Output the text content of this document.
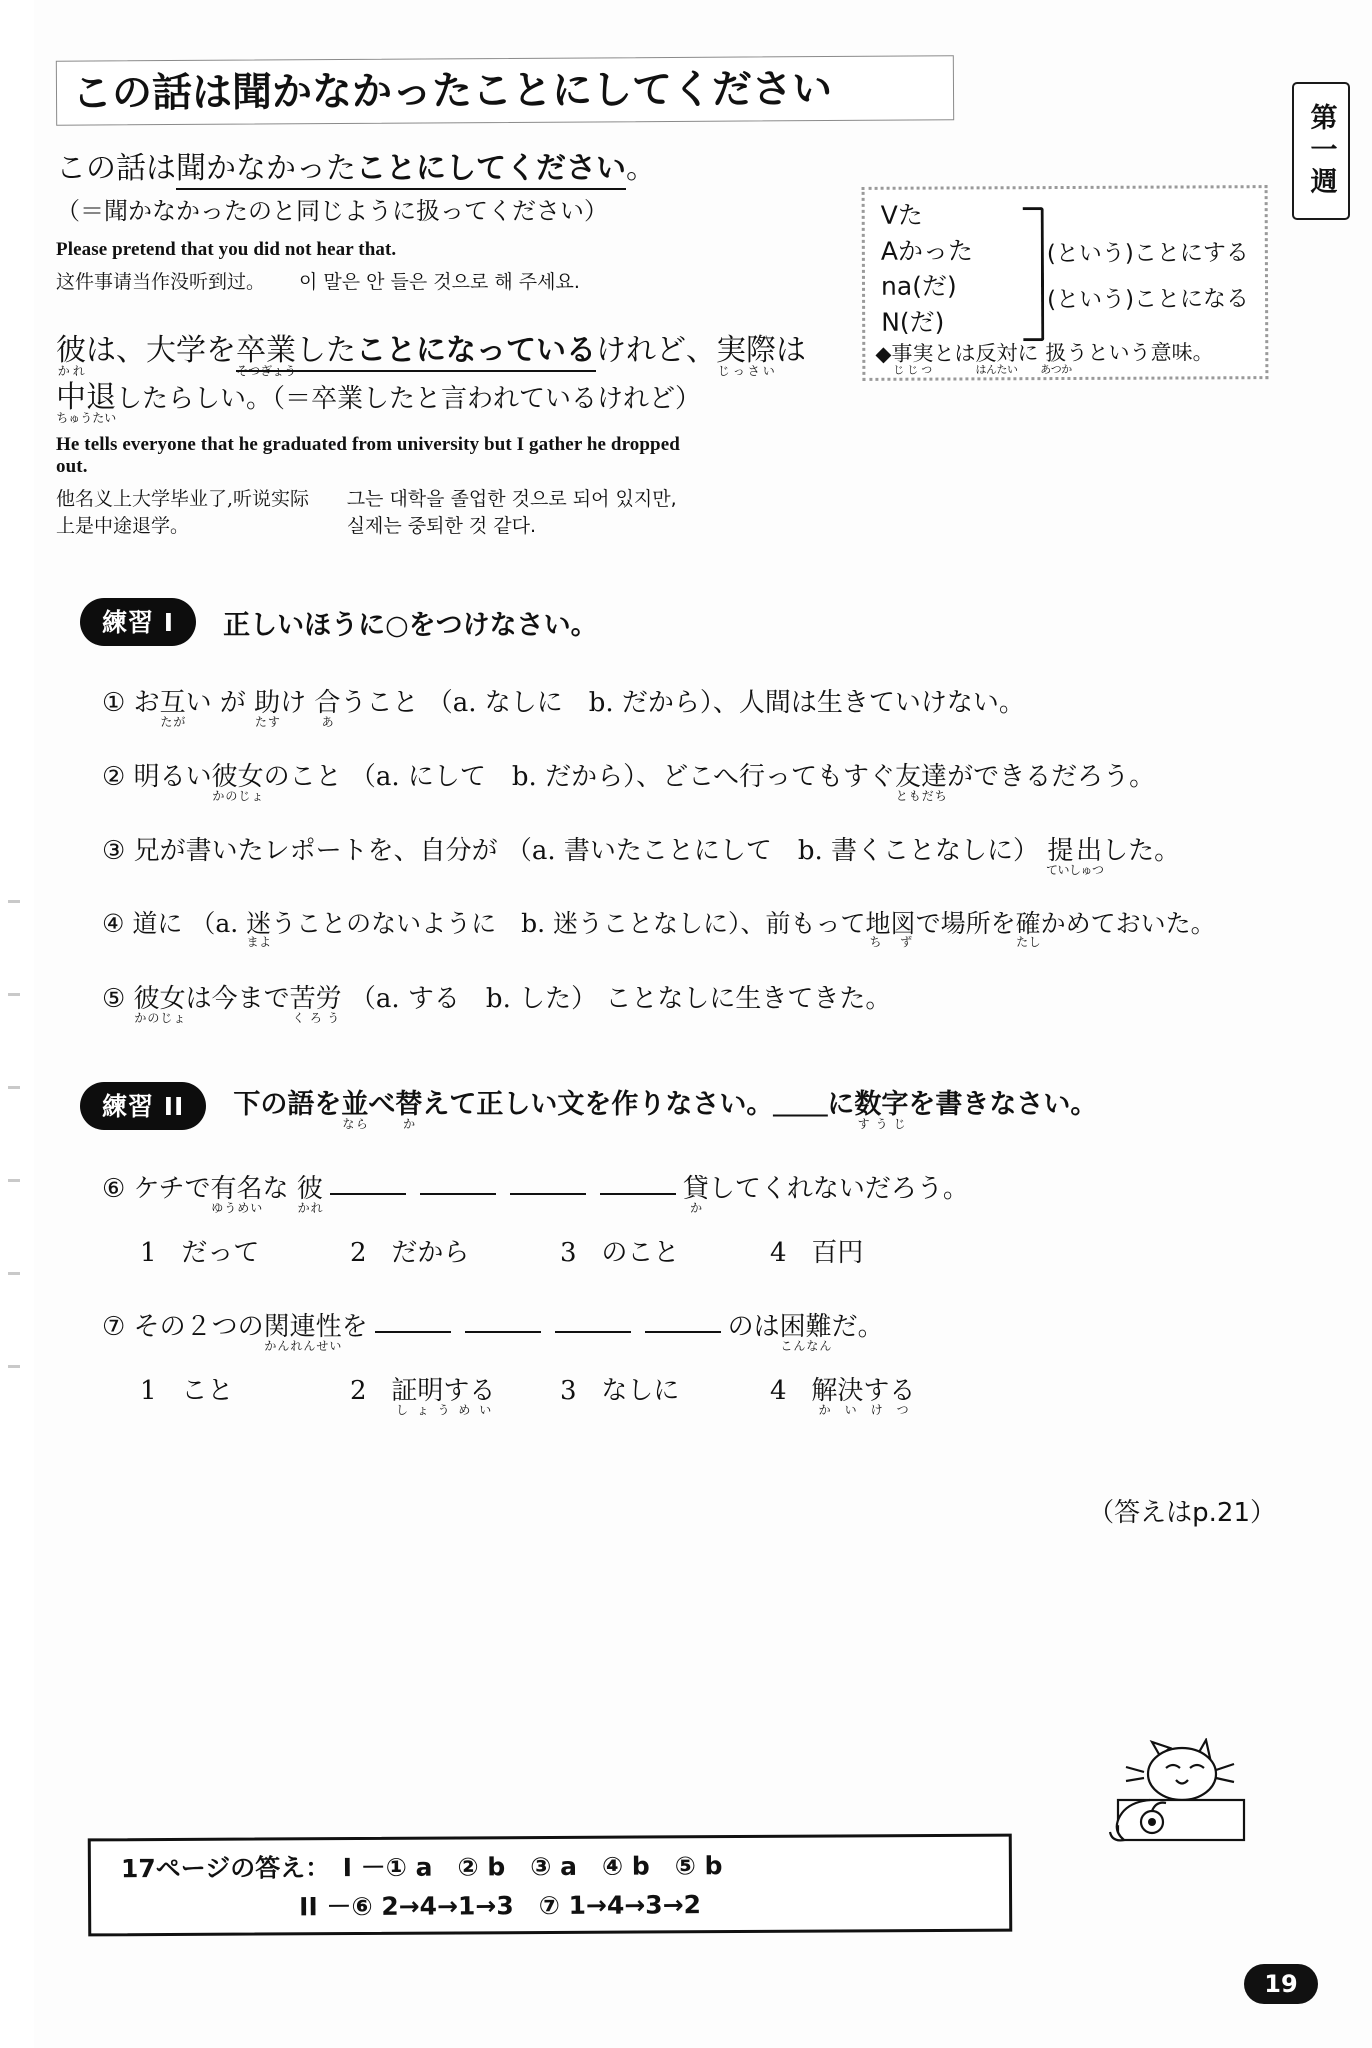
第一週
この話は聞かなかったことにしてください
この話は聞かなかったことにしてください。
（＝聞かなかったのと同じように扱ってください）
Please pretend that you did not hear that.
这件事请当作没听到过。 이 말은 안 들은 것으로 해 주세요.
彼かれは、大学を卒業そつぎょうしたことになっているけれど、実際じっさいは
中退ちゅうたいしたらしい。（＝卒業したと言われているけれど）
He tells everyone that he graduated from university but I gather he dropped out.
他名义上大学毕业了,听说实际上是中途退学。
그는 대학을 졸업한 것으로 되어 있지만, 실제는 중퇴한 것 같다.
Vた
Aかった
na(だ)
N(だ)
(という)ことにする
(という)ことになる
◆事実じじつとは反対はんたいに 扱あつかうという意味。
練習 I 正しいほうに○をつけなさい。
① お互たがい が 助たすけ 合あうこと （a. なしに　b. だから）、人間は生きていけない。
② 明るい彼女かのじょのこと （a. にして　b. だから）、どこへ行ってもすぐ友達ともだちができるだろう。
③ 兄が書いたレポートを、自分が （a. 書いたことにして　b. 書くことなしに） 提出ていしゅつした。
④ 道に （a. 迷まようことのないように　b. 迷うことなしに）、前もって地図ち ずで場所を確たしかめておいた。
⑤ 彼女かのじょは今まで苦労くろう （a. する　b. した） ことなしに生きてきた。
練習 II 下の語を並ならべ替かえて正しい文を作りなさい。＿＿に数字すうじを書きなさい。
⑥ ケチで有名ゆうめいな 彼かれ貸かしてくれないだろう。
1 だって	2 だから	3 のこと	4 百円
⑦ その２つの関連性かんれんせいを	のは困難こんなんだ。
1 こと	2 証明するしょうめい3 なしに	4 解決するかいけつ
（答えはp.21）
17ページの答え：　I －① a　② b　③ a　④ b　⑤ b
II －⑥ 2→4→1→3　⑦ 1→4→3→2
19
